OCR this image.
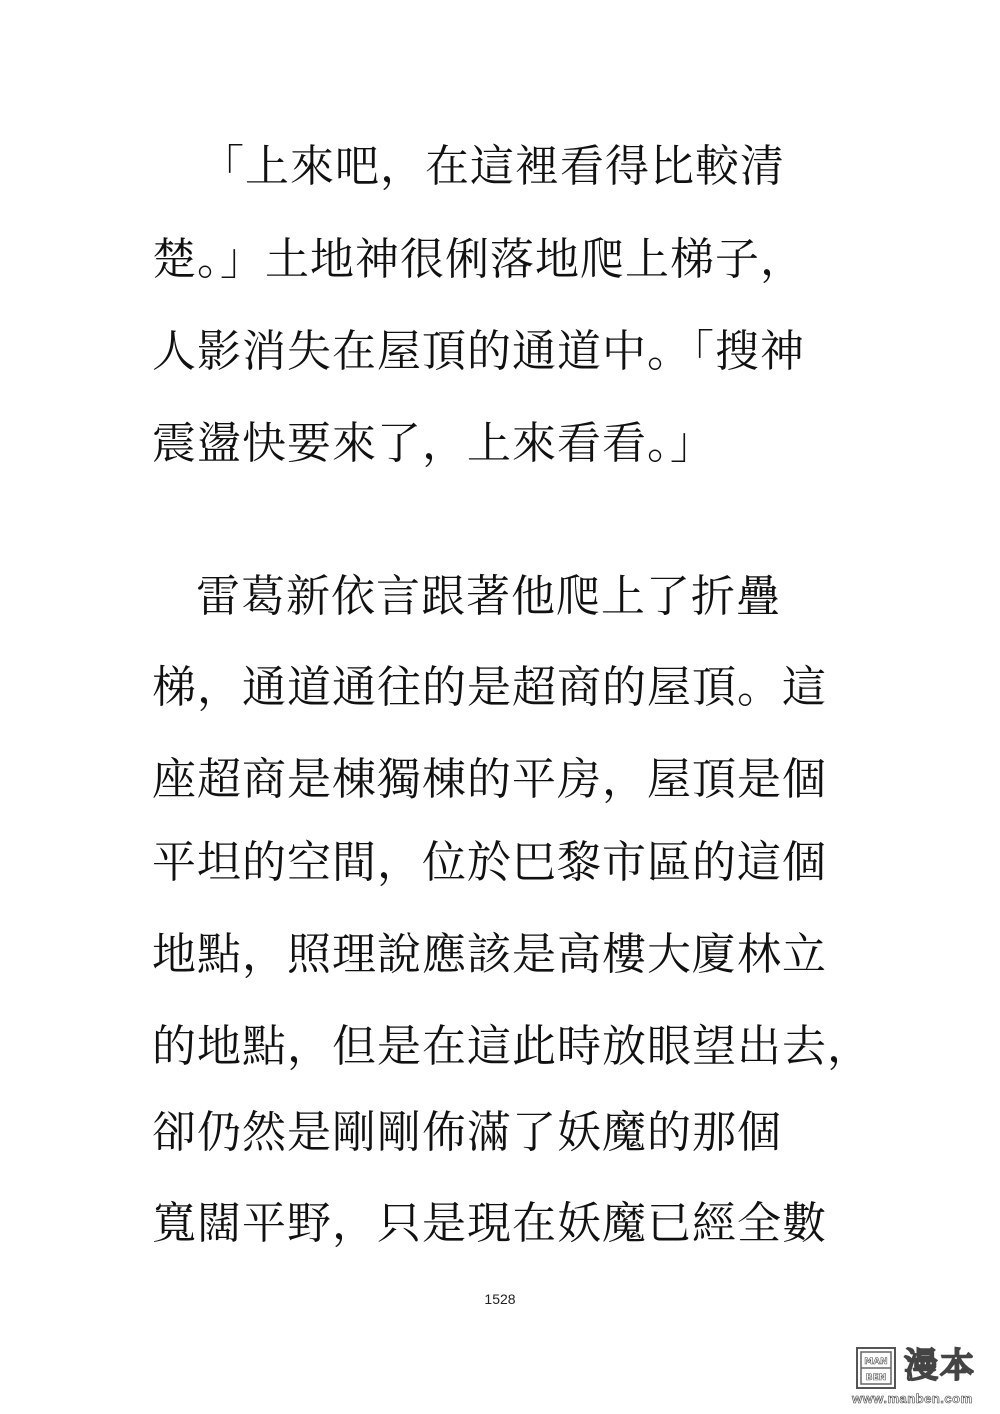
「上來吧，在這裡看得比較清
楚。」土地神很俐落地爬上梯子，
人影消失在屋頂的通道中。「搜神
震盪快要來了，上來看看。」
雷葛新依言跟著他爬上了折疊
梯，通道通往的是超商的屋頂。這
座超商是棟獨棟的平房，屋頂是個
平坦的空間，位於巴黎市區的這個
地點，照理說應該是高樓大廈林立
的地點，但是在這此時放眼望出去，
卻仍然是剛剛佈滿了妖魔的那個
寬闊平野，只是現在妖魔已經全數
1528
MAN
BEN 漫本
www.manben.com
